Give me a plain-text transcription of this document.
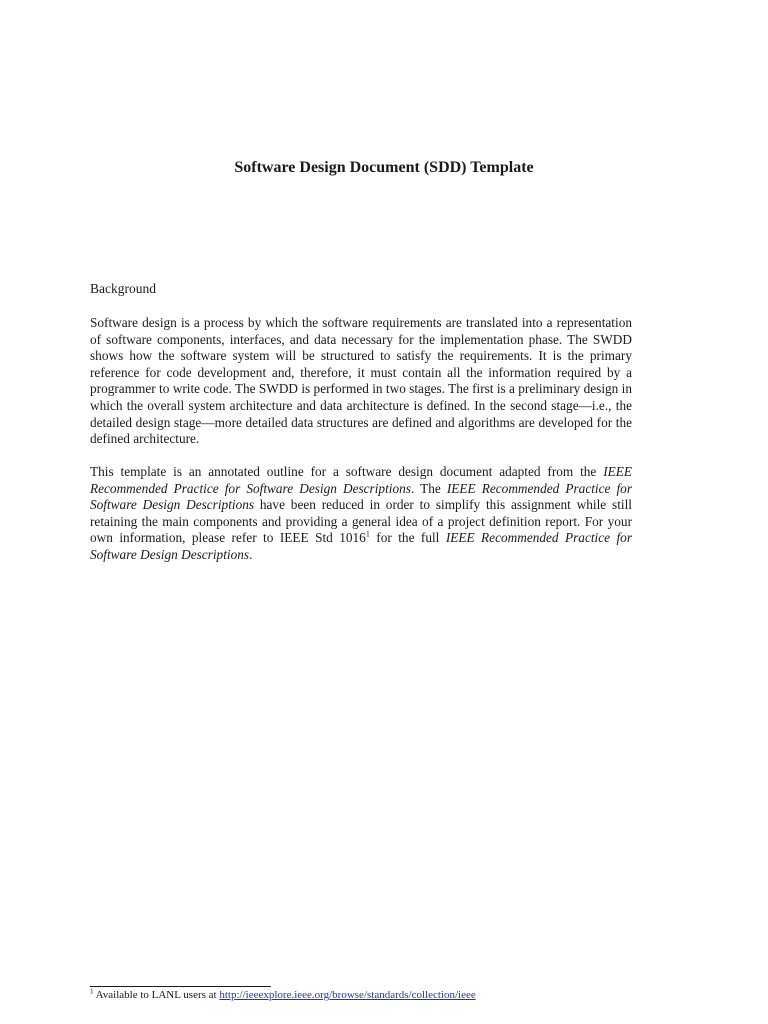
Software Design Document (SDD) Template
Background

Software design is a process by which the software requirements are translated into a representation of software components, interfaces, and data necessary for the implementation phase. The SWDD shows how the software system will be structured to satisfy the requirements. It is the primary reference for code development and, therefore, it must contain all the information required by a programmer to write code. The SWDD is performed in two stages. The first is a preliminary design in which the overall system architecture and data architecture is defined. In the second stage—i.e., the detailed design stage—more detailed data structures are defined and algorithms are developed for the defined architecture.

This template is an annotated outline for a software design document adapted from the IEEE Recommended Practice for Software Design Descriptions. The IEEE Recommended Practice for Software Design Descriptions have been reduced in order to simplify this assignment while still retaining the main components and providing a general idea of a project definition report. For your own information, please refer to IEEE Std 1016$^1$ for the full IEEE Recommended Practice for Software Design Descriptions.

$^1$ Available to LANL users at http://ieeexplore.ieee.org/browse/standards/collection/ieee
